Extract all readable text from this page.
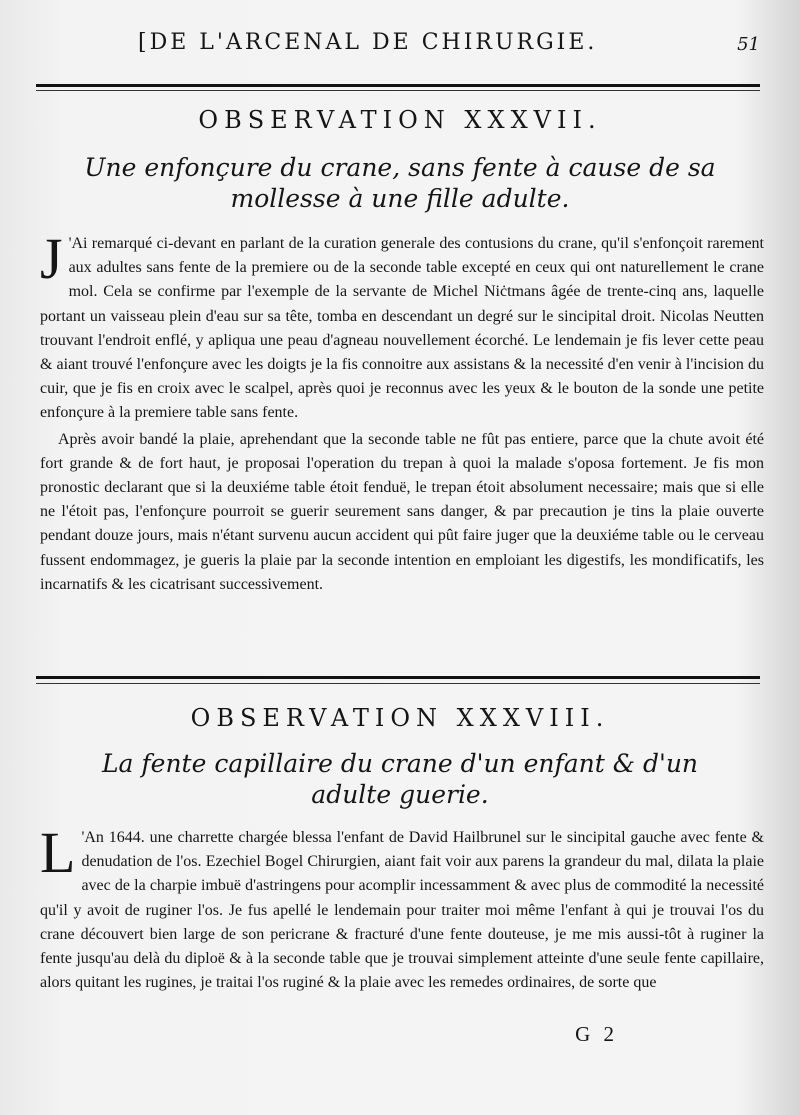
[DE L'ARCENAL DE CHIRURGIE.	51
OBSERVATION XXXVII.
Une enfonçure du crane, sans fente à cause de sa mollesse à une fille adulte.

J 'Ai remarqué ci-devant en parlant de la curation generale des contusions du crane, qu'il s'enfonçoit rarement aux adultes sans fente de la premiere ou de la seconde table excepté en ceux qui ont naturellement le crane mol. Cela se confirme par l'exemple de la servante de Michel Niċtmans âgée de trente-cinq ans, laquelle portant un vaisseau plein d'eau sur sa tête, tomba en descendant un degré sur le sincipital droit. Nicolas Neutten trouvant l'endroit enflé, y apliqua une peau d'agneau nouvellement écorché. Le lendemain je fis lever cette peau & aiant trouvé l'enfonçure avec les doigts je la fis connoitre aux assistans & la necessité d'en venir à l'incision du cuir, que je fis en croix avec le scalpel, après quoi je reconnus avec les yeux & le bouton de la sonde une petite enfonçure à la premiere table sans fente.

Après avoir bandé la plaie, aprehendant que la seconde table ne fût pas entiere, parce que la chute avoit été fort grande & de fort haut, je proposai l'operation du trepan à quoi la malade s'oposa fortement. Je fis mon pronostic declarant que si la deuxiéme table étoit fenduë, le trepan étoit absolument necessaire; mais que si elle ne l'étoit pas, l'enfonçure pourroit se guerir seurement sans danger, & par precaution je tins la plaie ouverte pendant douze jours, mais n'étant survenu aucun accident qui pût faire juger que la deuxiéme table ou le cerveau fussent endommagez, je gueris la plaie par la seconde intention en emploiant les digestifs, les mondificatifs, les incarnatifs & les cicatrisant successivement.

OBSERVATION XXXVIII.
La fente capillaire du crane d'un enfant & d'un adulte guerie.

L 'An 1644. une charrette chargée blessa l'enfant de David Hailbrunel sur le sincipital gauche avec fente & denudation de l'os. Ezechiel Bogel Chirurgien, aiant fait voir aux parens la grandeur du mal, dilata la plaie avec de la charpie imbuë d'astringens pour acomplir incessamment & avec plus de commodité la necessité qu'il y avoit de ruginer l'os. Je fus apellé le lendemain pour traiter moi même l'enfant à qui je trouvai l'os du crane découvert bien large de son pericrane & fracturé d'une fente douteuse, je me mis aussi-tôt à ruginer la fente jusqu'au delà du diploë & à la seconde table que je trouvai simplement atteinte d'une seule fente capillaire, alors quitant les rugines, je traitai l'os ruginé & la plaie avec les remedes ordinaires, de sorte que

G 2
